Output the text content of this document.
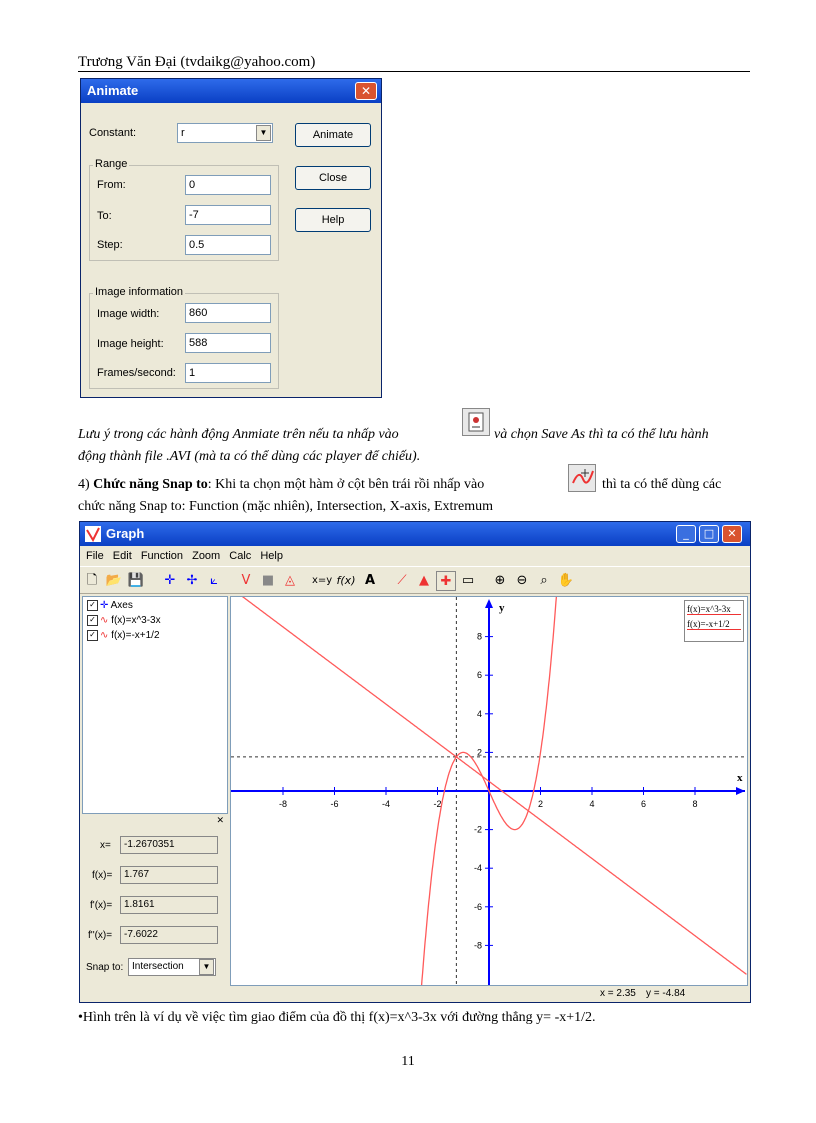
Trương Văn Đại (tvdaikg@yahoo.com)
Animate	✕
Constant:	r	▼
Range
From:	0
To:	-7
Step:	0.5
Image information
Image width:	860
Image height:	588
Frames/second:	1
Animate
Close
Help
Lưu ý trong các hành động Anmiate trên nếu ta nhấp vào	và chọn Save As thì ta có thể lưu hành
động thành file .AVI (mà ta có thể dùng các player để chiếu).
4) Chức năng Snap to: Khi ta chọn một hàm ở cột bên trái rồi nhấp vào	thì ta có thể dùng các
chức năng Snap to: Function (mặc nhiên), Intersection, X-axis, Extremum
Graph	_	□	✕
File Edit Function Zoom Calc Help
🗋 📂 💾	✛ ✢ ⟀	V ■ ◬	x=y f(x) A	⟋ ▲ ✚ ▭	⊕ ⊖ ⌕ ✋
✓ ✛ Axes
✓ ∿ f(x)=x^3-3x
✓ ∿ f(x)=-x+1/2
✕
x=	-1.2670351
f(x)=	1.767
f'(x)=	1.8161
f''(x)=	-7.6022
Snap to: Intersection	▼
x
y
-8	-6	-4	-2	2	4	6	8
8
6
4
2
-2
-4
-6
-8
f(x)=x^3-3x
f(x)=-x+1/2
x = 2.35 y = -4.84
•Hình trên là ví dụ về việc tìm giao điểm của đồ thị f(x)=x^3-3x với đường thẳng y= -x+1/2.
11
